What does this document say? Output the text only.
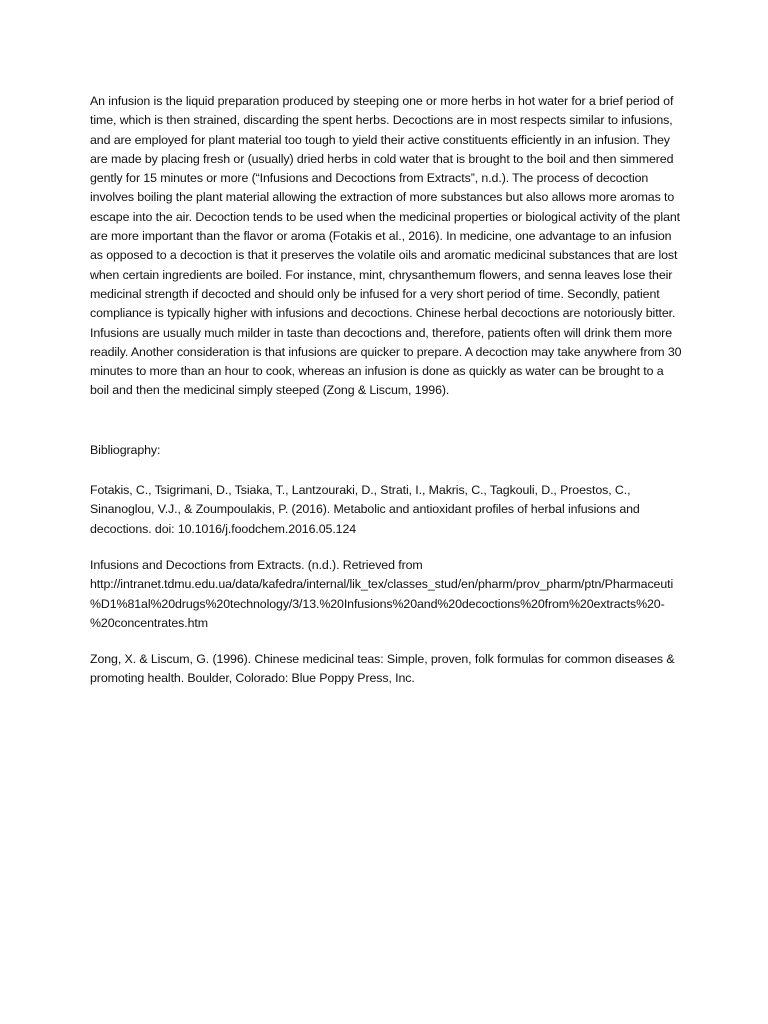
An infusion is the liquid preparation produced by steeping one or more herbs in hot water for a brief period of time, which is then strained, discarding the spent herbs. Decoctions are in most respects similar to infusions, and are employed for plant material too tough to yield their active constituents efficiently in an infusion. They are made by placing fresh or (usually) dried herbs in cold water that is brought to the boil and then simmered gently for 15 minutes or more (“Infusions and Decoctions from Extracts”, n.d.). The process of decoction involves boiling the plant material allowing the extraction of more substances but also allows more aromas to escape into the air. Decoction tends to be used when the medicinal properties or biological activity of the plant are more important than the flavor or aroma (Fotakis et al., 2016). In medicine, one advantage to an infusion as opposed to a decoction is that it preserves the volatile oils and aromatic medicinal substances that are lost when certain ingredients are boiled. For instance, mint, chrysanthemum flowers, and senna leaves lose their medicinal strength if decocted and should only be infused for a very short period of time. Secondly, patient compliance is typically higher with infusions and decoctions. Chinese herbal decoctions are notoriously bitter. Infusions are usually much milder in taste than decoctions and, therefore, patients often will drink them more readily. Another consideration is that infusions are quicker to prepare. A decoction may take anywhere from 30 minutes to more than an hour to cook, whereas an infusion is done as quickly as water can be brought to a boil and then the medicinal simply steeped (Zong & Liscum, 1996).

Bibliography:

Fotakis, C., Tsigrimani, D., Tsiaka, T., Lantzouraki, D., Strati, I., Makris, C., Tagkouli, D., Proestos, C., Sinanoglou, V.J., & Zoumpoulakis, P. (2016). Metabolic and antioxidant profiles of herbal infusions and decoctions. doi: 10.1016/j.foodchem.2016.05.124

Infusions and Decoctions from Extracts. (n.d.). Retrieved from http://intranet.tdmu.edu.ua/data/kafedra/internal/lik_tex/classes_stud/en/pharm/prov_pharm/ptn/Pharmaceuti%D1%81al%20drugs%20technology/3/13.%20Infusions%20and%20decoctions%20from%20extracts%20-%20concentrates.htm

Zong, X. & Liscum, G. (1996). Chinese medicinal teas: Simple, proven, folk formulas for common diseases & promoting health. Boulder, Colorado: Blue Poppy Press, Inc.
